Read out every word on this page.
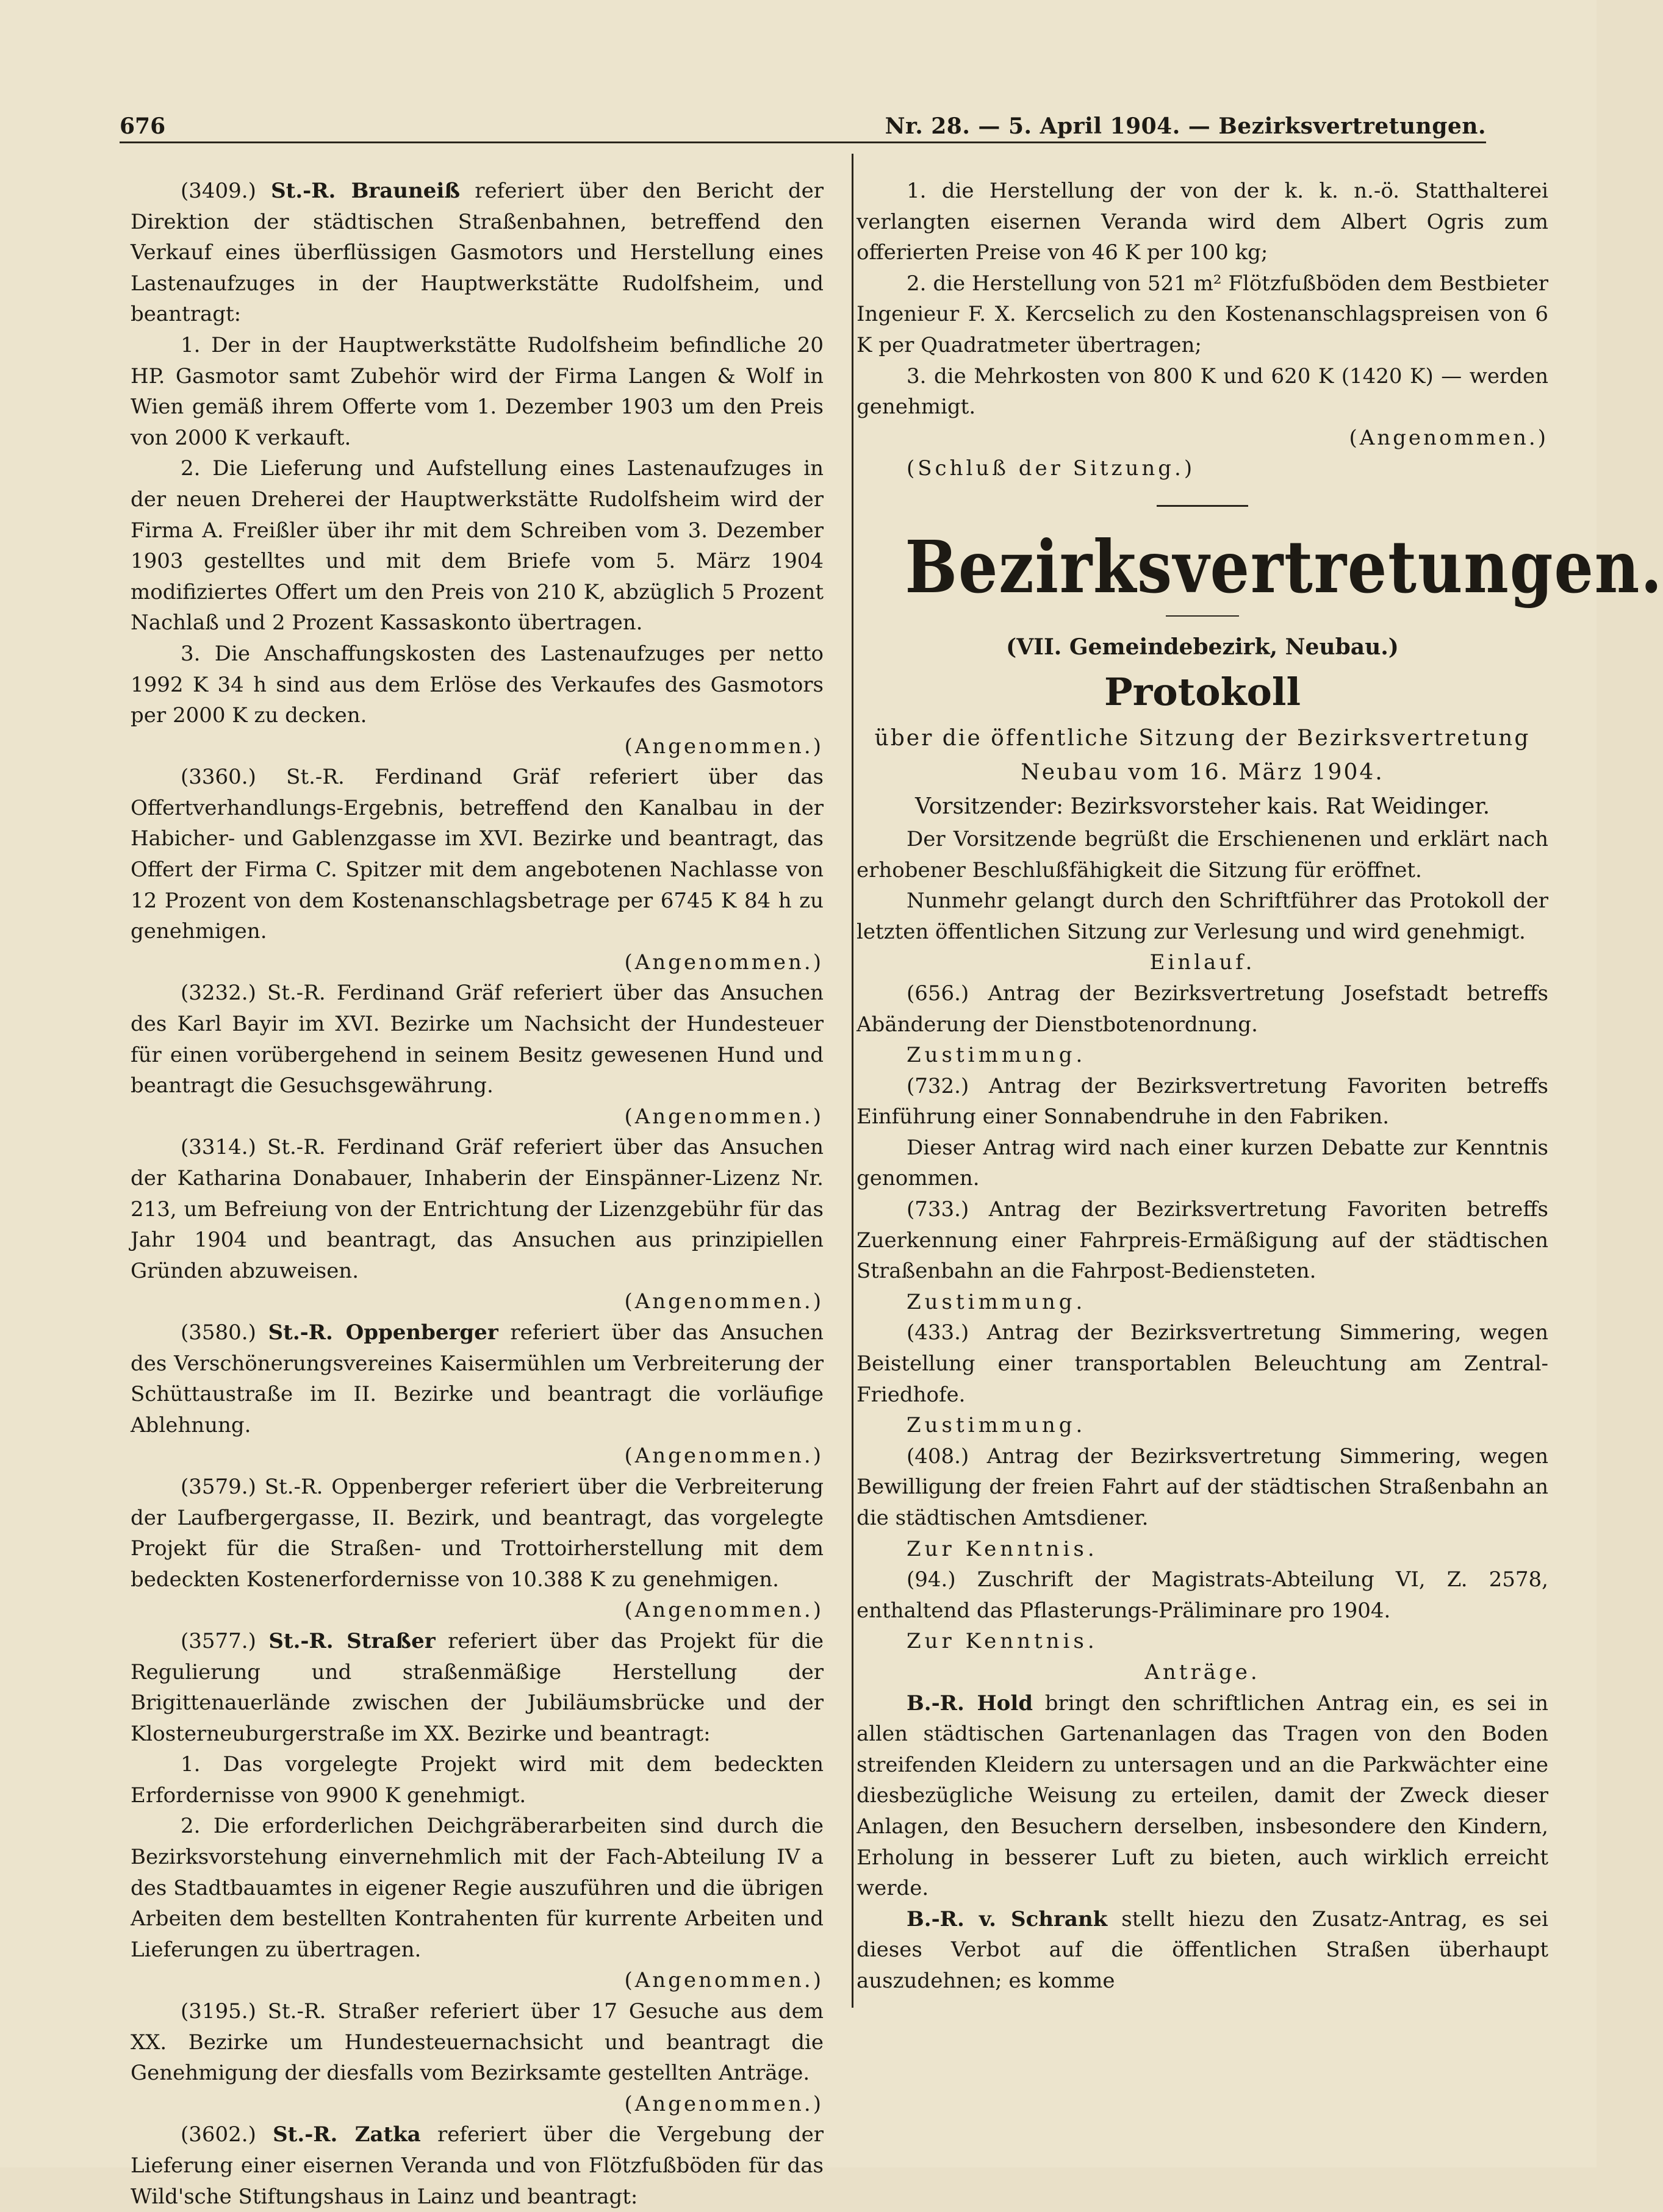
676	Nr. 28. — 5. April 1904. — Bezirksvertretungen.

(3409.) St.-R. Brauneiß referiert über den Bericht der Direktion der städtischen Straßenbahnen, betreffend den Verkauf eines überflüssigen Gasmotors und Herstellung eines Lastenaufzuges in der Hauptwerkstätte Rudolfsheim, und beantragt:

1. Der in der Hauptwerkstätte Rudolfsheim befindliche 20 HP. Gasmotor samt Zubehör wird der Firma Langen & Wolf in Wien gemäß ihrem Offerte vom 1. Dezember 1903 um den Preis von 2000 K verkauft.

2. Die Lieferung und Aufstellung eines Lastenaufzuges in der neuen Dreherei der Hauptwerkstätte Rudolfsheim wird der Firma A. Freißler über ihr mit dem Schreiben vom 3. Dezember 1903 gestelltes und mit dem Briefe vom 5. März 1904 modifiziertes Offert um den Preis von 210 K, abzüglich 5 Prozent Nachlaß und 2 Prozent Kassaskonto übertragen.

3. Die Anschaffungskosten des Lastenaufzuges per netto 1992 K 34 h sind aus dem Erlöse des Verkaufes des Gasmotors per 2000 K zu decken.

(Angenommen.)

(3360.) St.-R. Ferdinand Gräf referiert über das Offertverhandlungs-Ergebnis, betreffend den Kanalbau in der Habicher- und Gablenzgasse im XVI. Bezirke und beantragt, das Offert der Firma C. Spitzer mit dem angebotenen Nachlasse von 12 Prozent von dem Kostenanschlagsbetrage per 6745 K 84 h zu genehmigen.

(Angenommen.)

(3232.) St.-R. Ferdinand Gräf referiert über das Ansuchen des Karl Bayir im XVI. Bezirke um Nachsicht der Hundesteuer für einen vorübergehend in seinem Besitz gewesenen Hund und beantragt die Gesuchsgewährung.

(Angenommen.)

(3314.) St.-R. Ferdinand Gräf referiert über das Ansuchen der Katharina Donabauer, Inhaberin der Einspänner-Lizenz Nr. 213, um Befreiung von der Entrichtung der Lizenzgebühr für das Jahr 1904 und beantragt, das Ansuchen aus prinzipiellen Gründen abzuweisen.

(Angenommen.)

(3580.) St.-R. Oppenberger referiert über das Ansuchen des Verschönerungsvereines Kaisermühlen um Verbreiterung der Schüttaustraße im II. Bezirke und beantragt die vorläufige Ablehnung.

(Angenommen.)

(3579.) St.-R. Oppenberger referiert über die Verbreiterung der Laufbergergasse, II. Bezirk, und beantragt, das vorgelegte Projekt für die Straßen- und Trottoirherstellung mit dem bedeckten Kostenerfordernisse von 10.388 K zu genehmigen.

(Angenommen.)

(3577.) St.-R. Straßer referiert über das Projekt für die Regulierung und straßenmäßige Herstellung der Brigittenauerlände zwischen der Jubiläumsbrücke und der Klosterneuburgerstraße im XX. Bezirke und beantragt:

1. Das vorgelegte Projekt wird mit dem bedeckten Erfordernisse von 9900 K genehmigt.

2. Die erforderlichen Deichgräberarbeiten sind durch die Bezirksvorstehung einvernehmlich mit der Fach-Abteilung IV a des Stadtbauamtes in eigener Regie auszuführen und die übrigen Arbeiten dem bestellten Kontrahenten für kurrente Arbeiten und Lieferungen zu übertragen.

(Angenommen.)

(3195.) St.-R. Straßer referiert über 17 Gesuche aus dem XX. Bezirke um Hundesteuernachsicht und beantragt die Genehmigung der diesfalls vom Bezirksamte gestellten Anträge.

(Angenommen.)

(3602.) St.-R. Zatka referiert über die Vergebung der Lieferung einer eisernen Veranda und von Flötzfußböden für das Wild'sche Stiftungshaus in Lainz und beantragt:

1. die Herstellung der von der k. k. n.-ö. Statthalterei verlangten eisernen Veranda wird dem Albert Ogris zum offerierten Preise von 46 K per 100 kg;

2. die Herstellung von 521 m² Flötzfußböden dem Bestbieter Ingenieur F. X. Kercselich zu den Kostenanschlagspreisen von 6 K per Quadratmeter übertragen;

3. die Mehrkosten von 800 K und 620 K (1420 K) — werden genehmigt.

(Angenommen.)

(Schluß der Sitzung.)

Bezirksvertretungen.

(VII. Gemeindebezirk, Neubau.)

Protokoll

über die öffentliche Sitzung der Bezirksvertretung

Neubau vom 16. März 1904.

Vorsitzender: Bezirksvorsteher kais. Rat Weidinger.

Der Vorsitzende begrüßt die Erschienenen und erklärt nach erhobener Beschlußfähigkeit die Sitzung für eröffnet.

Nunmehr gelangt durch den Schriftführer das Protokoll der letzten öffentlichen Sitzung zur Verlesung und wird genehmigt.

Einlauf.

(656.) Antrag der Bezirksvertretung Josefstadt betreffs Abänderung der Dienstbotenordnung.

Zustimmung.

(732.) Antrag der Bezirksvertretung Favoriten betreffs Einführung einer Sonnabendruhe in den Fabriken.

Dieser Antrag wird nach einer kurzen Debatte zur Kenntnis genommen.

(733.) Antrag der Bezirksvertretung Favoriten betreffs Zuerkennung einer Fahrpreis-Ermäßigung auf der städtischen Straßenbahn an die Fahrpost-Bediensteten.

Zustimmung.

(433.) Antrag der Bezirksvertretung Simmering, wegen Beistellung einer transportablen Beleuchtung am Zentral-Friedhofe.

Zustimmung.

(408.) Antrag der Bezirksvertretung Simmering, wegen Bewilligung der freien Fahrt auf der städtischen Straßenbahn an die städtischen Amtsdiener.

Zur Kenntnis.

(94.) Zuschrift der Magistrats-Abteilung VI, Z. 2578, enthaltend das Pflasterungs-Präliminare pro 1904.

Zur Kenntnis.

Anträge.

B.-R. Hold bringt den schriftlichen Antrag ein, es sei in allen städtischen Gartenanlagen das Tragen von den Boden streifenden Kleidern zu untersagen und an die Parkwächter eine diesbezügliche Weisung zu erteilen, damit der Zweck dieser Anlagen, den Besuchern derselben, insbesondere den Kindern, Erholung in besserer Luft zu bieten, auch wirklich erreicht werde.

B.-R. v. Schrank stellt hiezu den Zusatz-Antrag, es sei dieses Verbot auf die öffentlichen Straßen überhaupt auszudehnen; es komme
